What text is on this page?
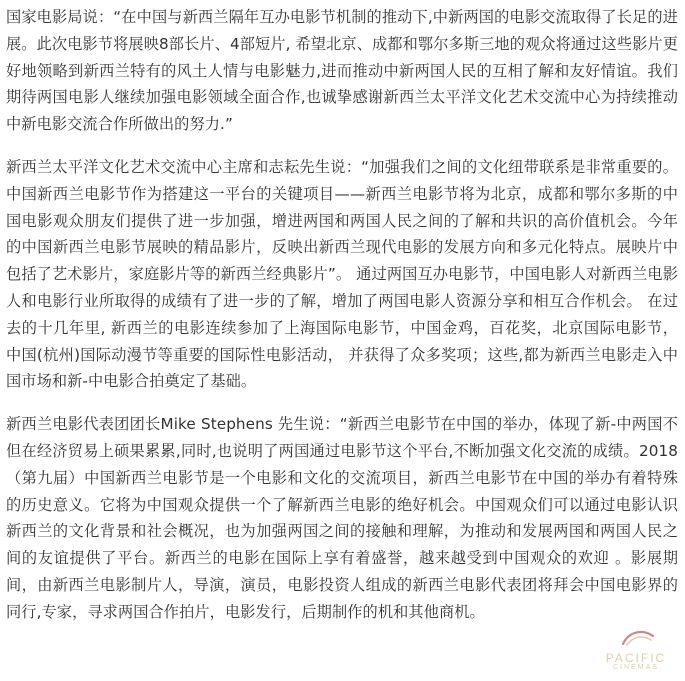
国家电影局说：“在中国与新西兰隔年互办电影节机制的推动下,中新两国的电影交流取得了长足的进展。此次电影节将展映8部长片、4部短片, 希望北京、成都和鄂尔多斯三地的观众将通过这些影片更好地领略到新西兰特有的风土人情与电影魅力,进而推动中新两国人民的互相了解和友好情谊。我们期待两国电影人继续加强电影领域全面合作,也诚挚感谢新西兰太平洋文化艺术交流中心为持续推动中新电影交流合作所做出的努力.”

新西兰太平洋文化艺术交流中心主席和志耘先生说：“加强我们之间的文化纽带联系是非常重要的。中国新西兰电影节作为搭建这一平台的关键项目——新西兰电影节将为北京，成都和鄂尔多斯的中国电影观众朋友们提供了进一步加强，增进两国和两国人民之间的了解和共识的高价值机会。今年的中国新西兰电影节展映的精品影片，反映出新西兰现代电影的发展方向和多元化特点。展映片中包括了艺术影片，家庭影片等的新西兰经典影片”。 通过两国互办电影节，中国电影人对新西兰电影人和电影行业所取得的成绩有了进一步的了解，增加了两国电影人资源分享和相互合作机会。 在过去的十几年里, 新西兰的电影连续参加了上海国际电影节，中国金鸡，百花奖，北京国际电影节， 中国(杭州)国际动漫节等重要的国际性电影活动， 并获得了众多奖项；这些,都为新西兰电影走入中国市场和新-中电影合拍奠定了基础。

新西兰电影代表团团长Mike Stephens 先生说：“新西兰电影节在中国的举办，体现了新-中两国不但在经济贸易上硕果累累,同时,也说明了两国通过电影节这个平台,不断加强文化交流的成绩。2018（第九届）中国新西兰电影节是一个电影和文化的交流项目，新西兰电影节在中国的举办有着特殊的历史意义。它将为中国观众提供一个了解新西兰电影的绝好机会。中国观众们可以通过电影认识新西兰的文化背景和社会概况，也为加强两国之间的接触和理解，为推动和发展两国和两国人民之间的友谊提供了平台。新西兰的电影在国际上享有着盛誉，越来越受到中国观众的欢迎 。影展期间，由新西兰电影制片人，导演，演员，电影投资人组成的新西兰电影代表团将拜会中国电影界的同行,专家，寻求两国合作拍片，电影发行，后期制作的机和其他商机。

PACIFIC
CINEMAS
